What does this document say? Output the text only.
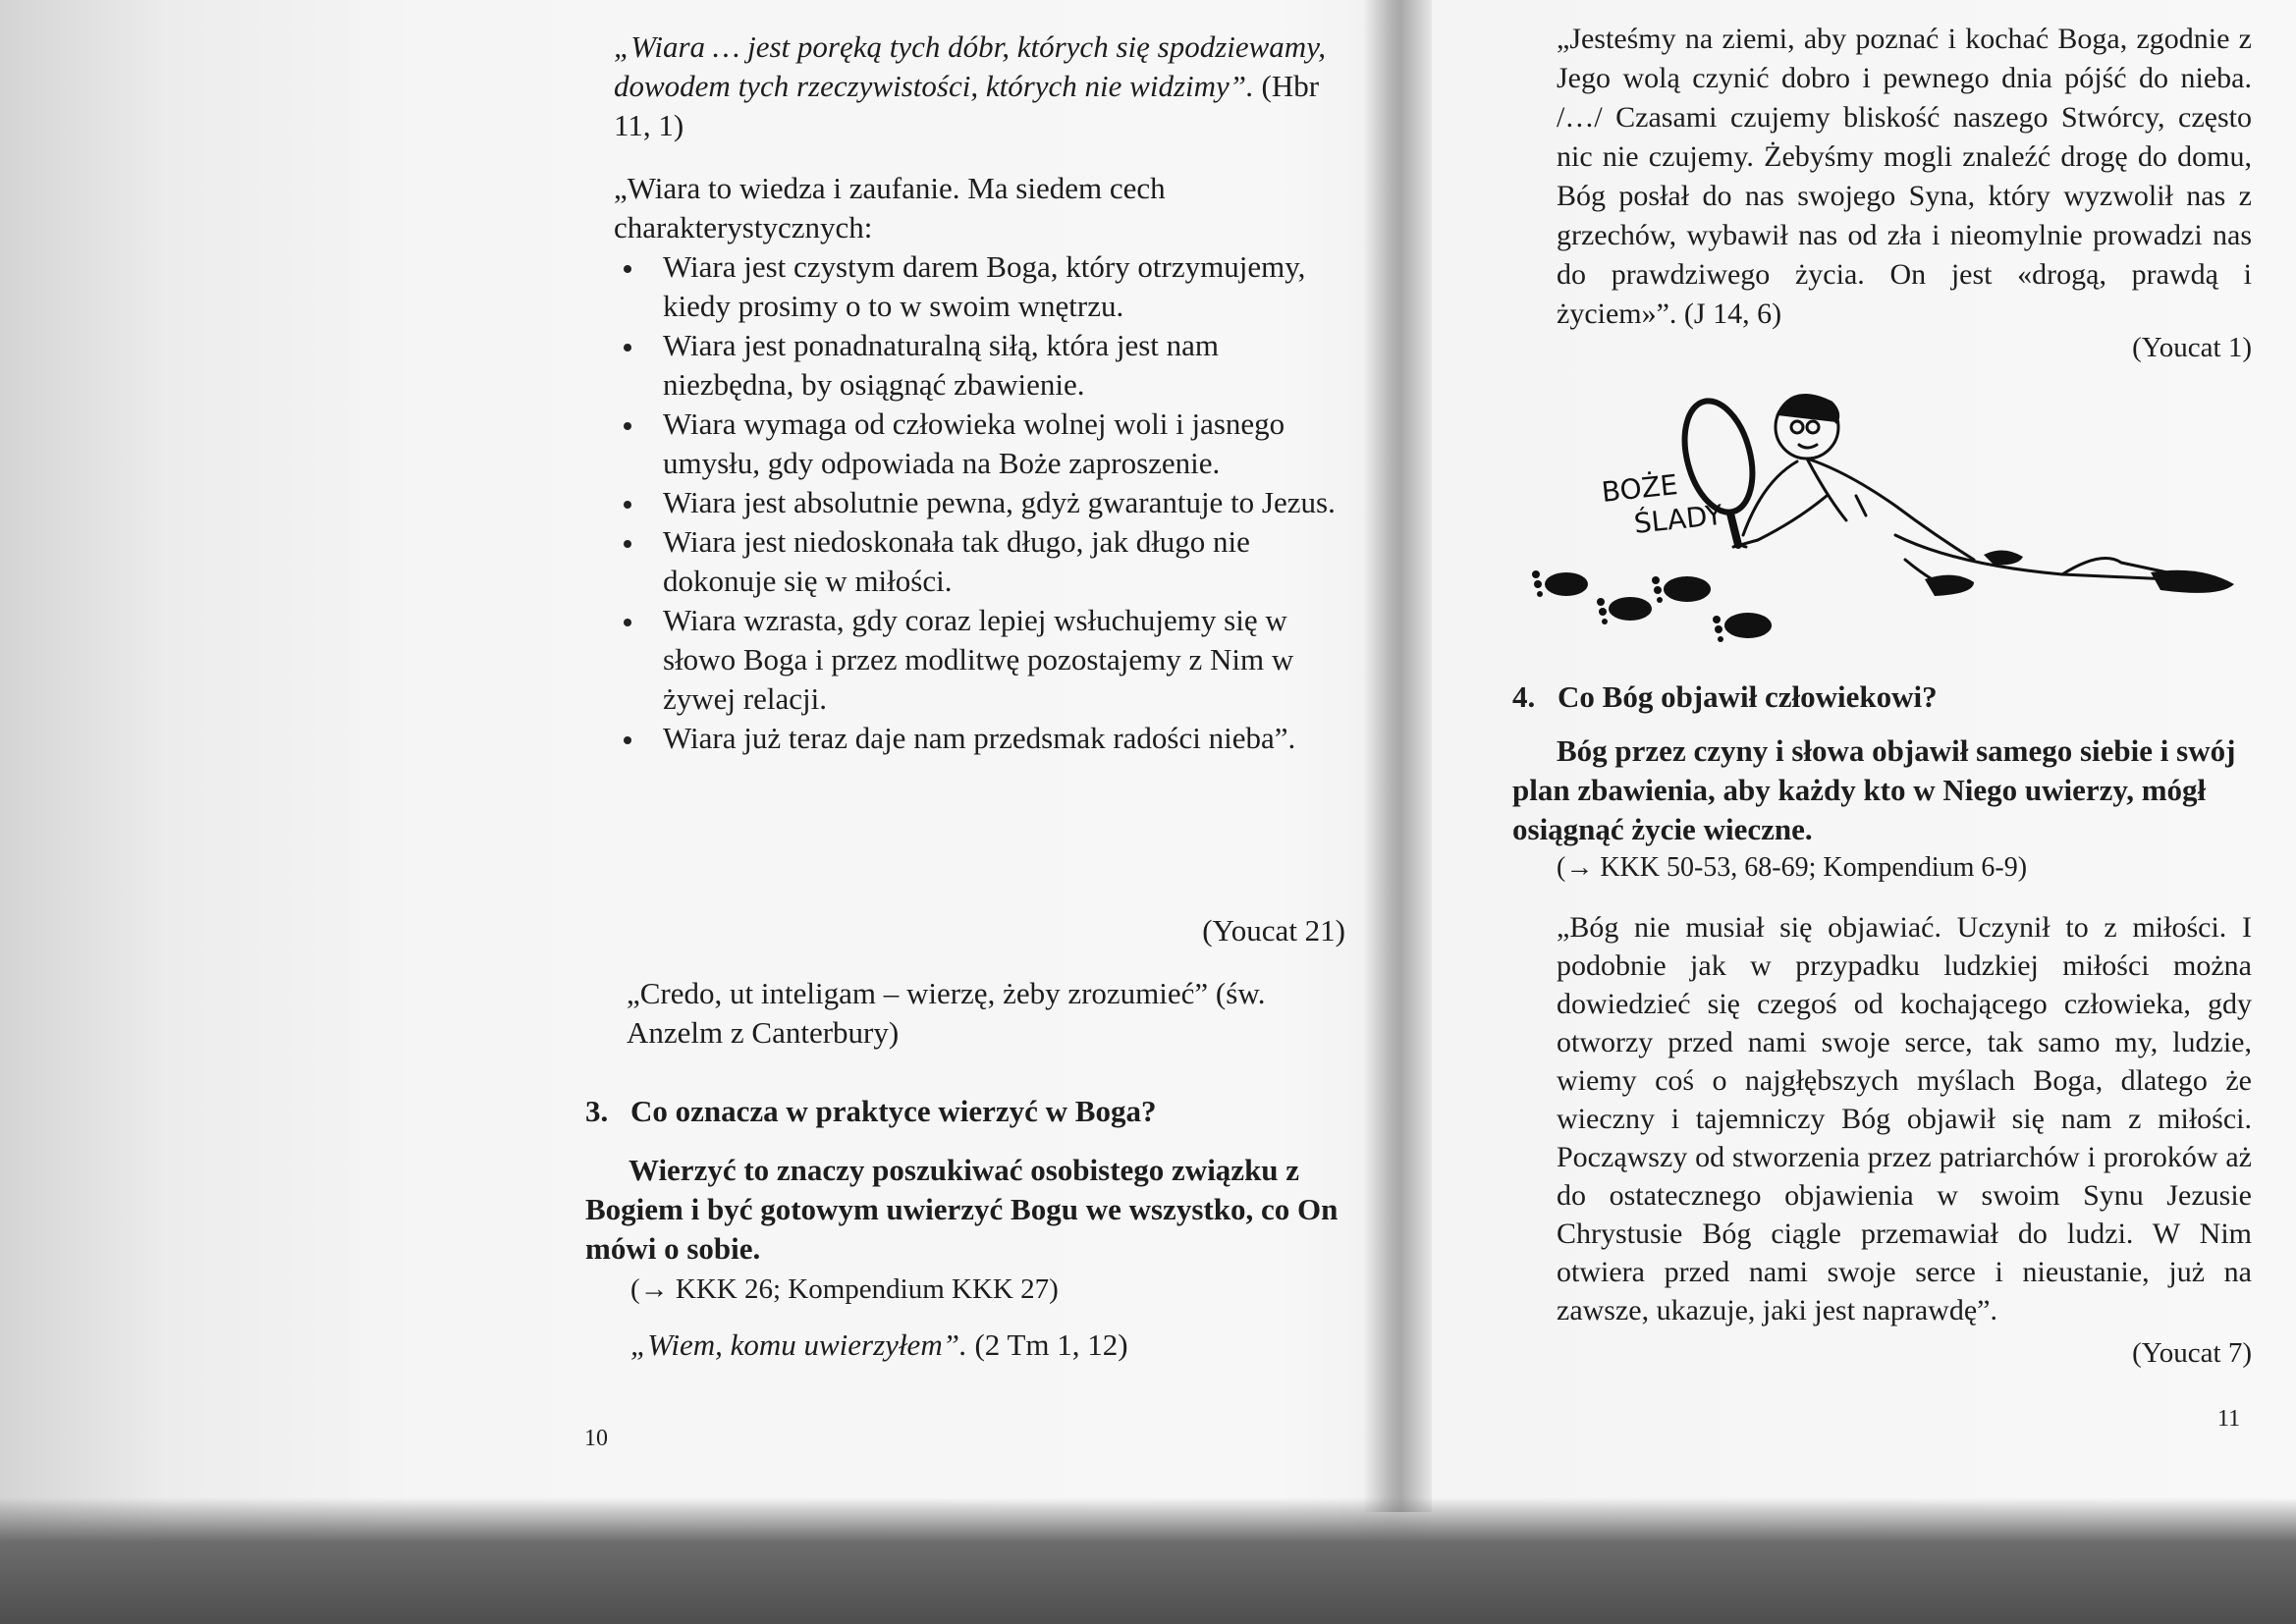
„Wiara … jest poręką tych dóbr, których się spodziewamy, dowodem tych rzeczywistości, których nie widzimy”. (Hbr 11, 1)

„Wiara to wiedza i zaufanie. Ma siedem cech charakterystycznych:

Wiara jest czystym darem Boga, który otrzymujemy, kiedy prosimy o to w swoim wnętrzu.
Wiara jest ponadnaturalną siłą, która jest nam niezbędna, by osiągnąć zbawienie.
Wiara wymaga od człowieka wolnej woli i jasnego umysłu, gdy odpowiada na Boże zaproszenie.
Wiara jest absolutnie pewna, gdyż gwarantuje to Jezus.
Wiara jest niedoskonała tak długo, jak długo nie dokonuje się w miłości.
Wiara wzrasta, gdy coraz lepiej wsłuchujemy się w słowo Boga i przez modlitwę pozostajemy z Nim w żywej relacji.
Wiara już teraz daje nam przedsmak radości nieba”.

(Youcat 21)

„Credo, ut inteligam – wierzę, żeby zrozumieć” (św. Anzelm z Canterbury)

3. Co oznacza w praktyce wierzyć w Boga?

Wierzyć to znaczy poszukiwać osobistego związku z Bogiem i być gotowym uwierzyć Bogu we wszystko, co On mówi o sobie.

(→ KKK 26; Kompendium KKK 27)

„Wiem, komu uwierzyłem”. (2 Tm 1, 12)

10

„Jesteśmy na ziemi, aby poznać i kochać Boga, zgodnie z Jego wolą czynić dobro i pewnego dnia pójść do nieba. /…/ Czasami czujemy bliskość naszego Stwórcy, często nic nie czujemy. Żebyśmy mogli znaleźć drogę do domu, Bóg posłał do nas swojego Syna, który wyzwolił nas z grzechów, wybawił nas od zła i nieomylnie prowadzi nas do prawdziwego życia. On jest «drogą, prawdą i życiem»”. (J 14, 6)

(Youcat 1)

BOŻE
ŚLADY
4. Co Bóg objawił człowiekowi?

Bóg przez czyny i słowa objawił samego siebie i swój plan zbawienia, aby każdy kto w Niego uwierzy, mógł osiągnąć życie wieczne.

(→ KKK 50-53, 68-69; Kompendium 6-9)

„Bóg nie musiał się objawiać. Uczynił to z miłości. I podobnie jak w przypadku ludzkiej miłości można dowiedzieć się czegoś od kochającego człowieka, gdy otworzy przed nami swoje serce, tak samo my, ludzie, wiemy coś o najgłębszych myślach Boga, dlatego że wieczny i tajemniczy Bóg objawił się nam z miłości. Począwszy od stworzenia przez patriarchów i proroków aż do ostatecznego objawienia w swoim Synu Jezusie Chrystusie Bóg ciągle przemawiał do ludzi. W Nim otwiera przed nami swoje serce i nieustanie, już na zawsze, ukazuje, jaki jest naprawdę”.

(Youcat 7)

11
